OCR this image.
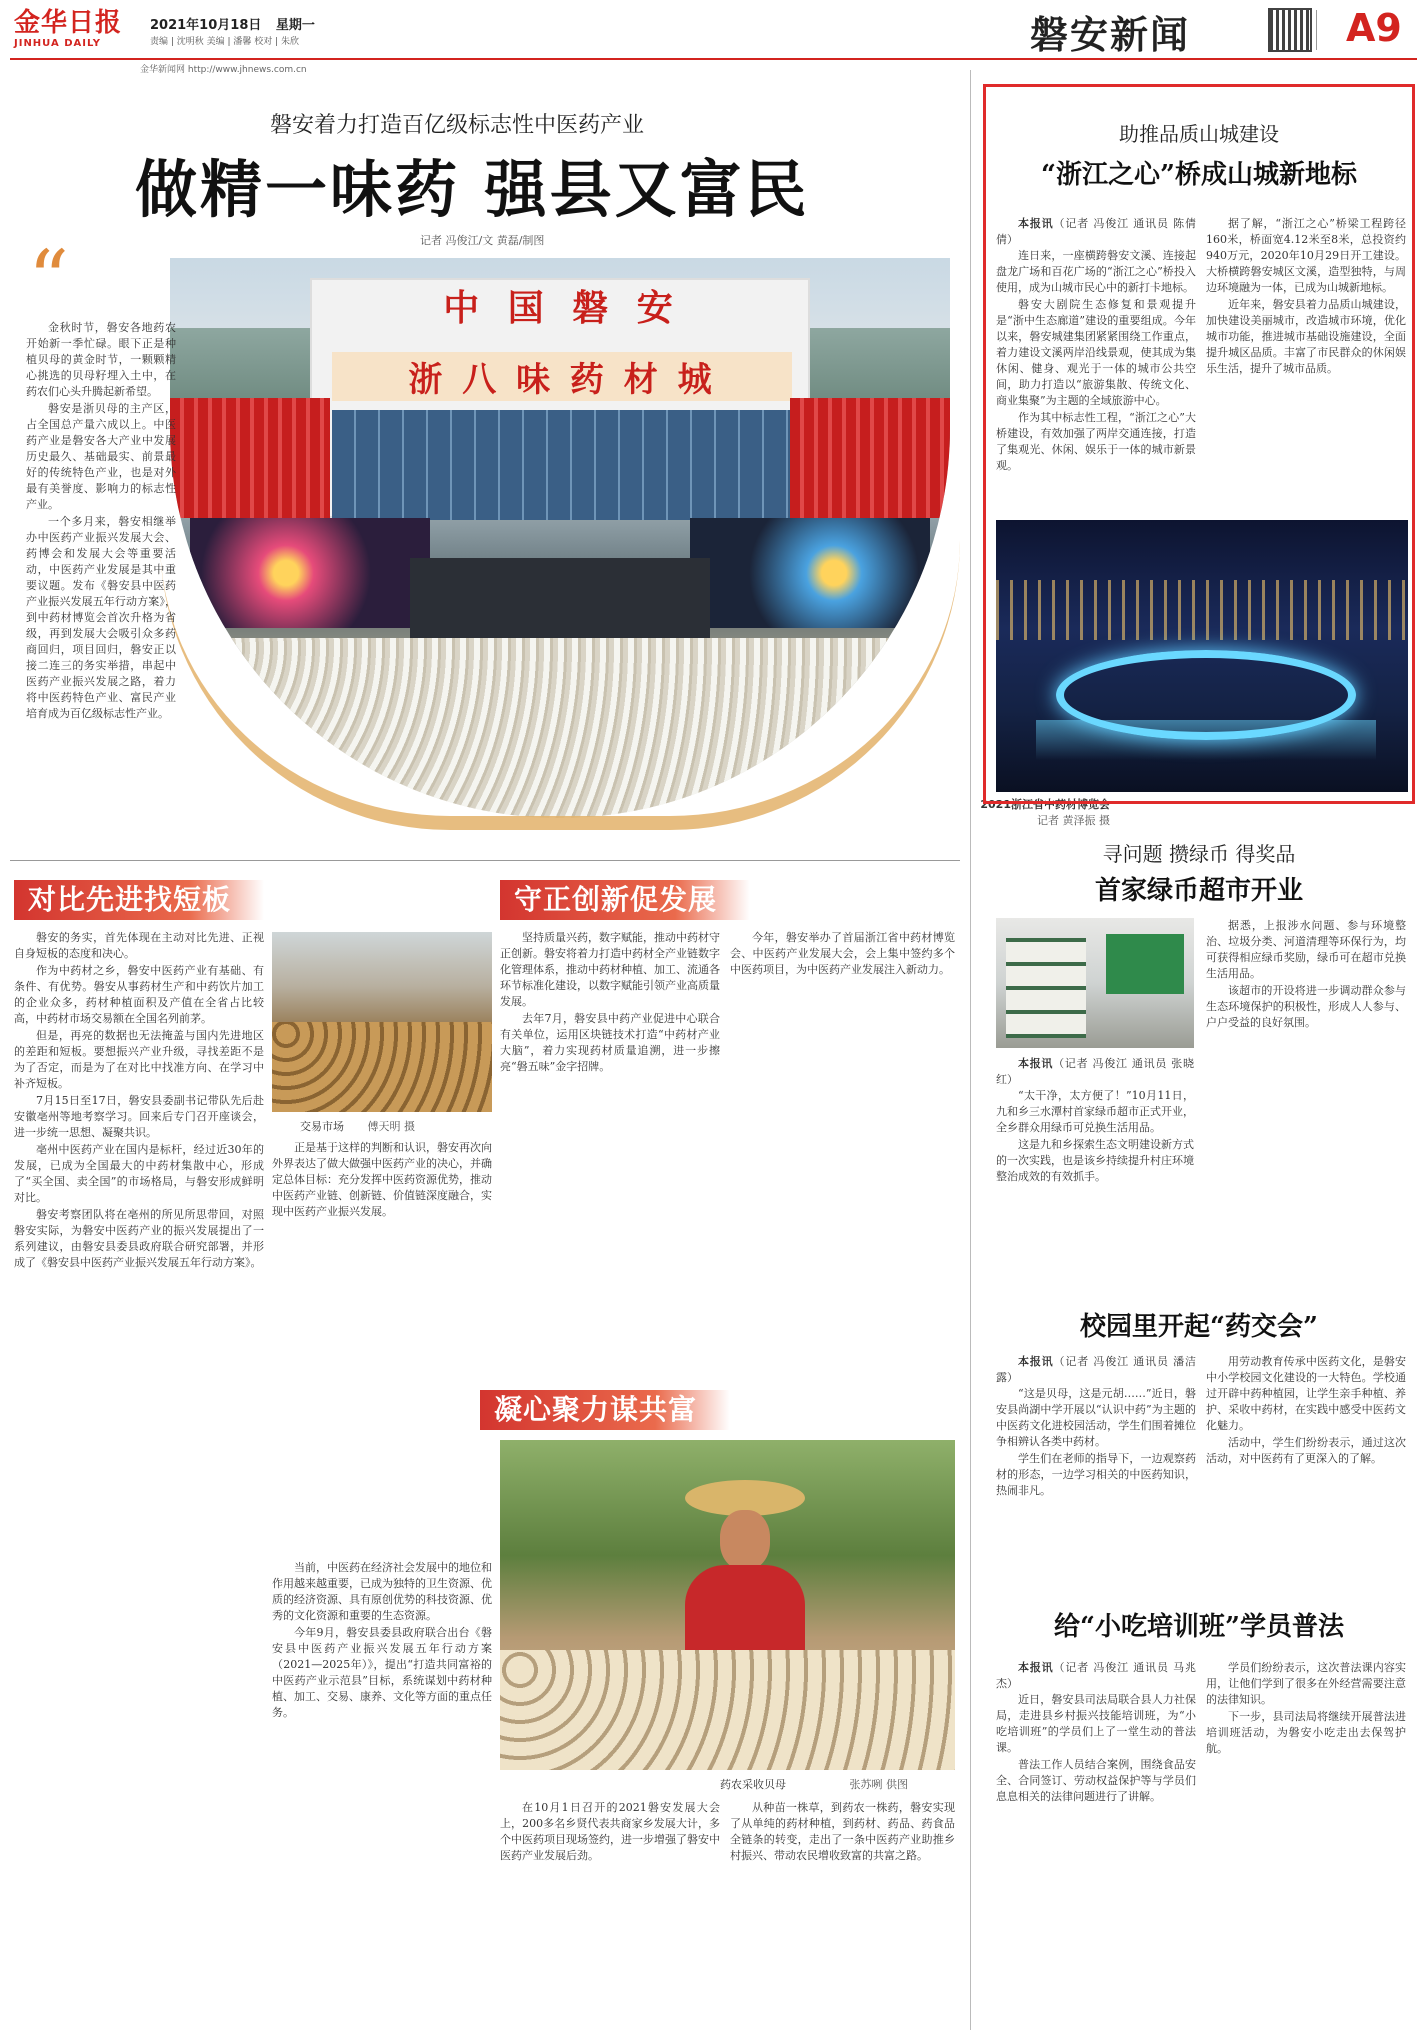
金华日报
JINHUA DAILY
2021年10月18日 星期一
责编 | 沈明秋 美编 | 潘馨 校对 | 朱欣
金华新闻网 http://www.jhnews.com.cn
磐安新闻	A9
磐安着力打造百亿级标志性中医药产业
做精一味药 强县又富民
记者 冯俊江/文 黄磊/制图
中 国 磐 安
浙 八 味 药 材 城
2021浙江省中药材博览会
记者 黄泽振 摄
“

金秋时节，磐安各地药农开始新一季忙碌。眼下正是种植贝母的黄金时节，一颗颗精心挑选的贝母籽埋入土中，在药农们心头升腾起新希望。

磐安是浙贝母的主产区，占全国总产量六成以上。中医药产业是磐安各大产业中发展历史最久、基础最实、前景最好的传统特色产业，也是对外最有美誉度、影响力的标志性产业。

一个多月来，磐安相继举办中医药产业振兴发展大会、药博会和发展大会等重要活动，中医药产业发展是其中重要议题。发布《磐安县中医药产业振兴发展五年行动方案》，到中药材博览会首次升格为省级，再到发展大会吸引众多药商回归，项目回归，磐安正以接二连三的务实举措，串起中医药产业振兴发展之路，着力将中医药特色产业、富民产业培育成为百亿级标志性产业。

对比先进找短板

磐安的务实，首先体现在主动对比先进、正视自身短板的态度和决心。

作为中药材之乡，磐安中医药产业有基础、有条件、有优势。磐安从事药材生产和中药饮片加工的企业众多，药材种植面积及产值在全省占比较高，中药材市场交易额在全国名列前茅。

但是，再亮的数据也无法掩盖与国内先进地区的差距和短板。要想振兴产业升级，寻找差距不是为了否定，而是为了在对比中找准方向、在学习中补齐短板。

7月15日至17日，磐安县委副书记带队先后赴安徽亳州等地考察学习。回来后专门召开座谈会，进一步统一思想、凝聚共识。

亳州中医药产业在国内是标杆，经过近30年的发展，已成为全国最大的中药材集散中心，形成了“买全国、卖全国”的市场格局，与磐安形成鲜明对比。

磐安考察团队将在亳州的所见所思带回，对照磐安实际，为磐安中医药产业的振兴发展提出了一系列建议，由磐安县委县政府联合研究部署，并形成了《磐安县中医药产业振兴发展五年行动方案》。

交易市场 傅天明 摄
守正创新促发展

正是基于这样的判断和认识，磐安再次向外界表达了做大做强中医药产业的决心，并确定总体目标：充分发挥中医药资源优势，推动中医药产业链、创新链、价值链深度融合，实现中医药产业振兴发展。

坚持质量兴药，数字赋能，推动中药材守正创新。磐安将着力打造中药材全产业链数字化管理体系，推动中药材种植、加工、流通各环节标准化建设，以数字赋能引领产业高质量发展。

去年7月，磐安县中药产业促进中心联合有关单位，运用区块链技术打造“中药材产业大脑”，着力实现药材质量追溯，进一步擦亮“磐五味”金字招牌。

今年，磐安举办了首届浙江省中药材博览会、中医药产业发展大会，会上集中签约多个中医药项目，为中医药产业发展注入新动力。

凝心聚力谋共富
药农采收贝母	张苏咧 供图

当前，中医药在经济社会发展中的地位和作用越来越重要，已成为独特的卫生资源、优质的经济资源、具有原创优势的科技资源、优秀的文化资源和重要的生态资源。

今年9月，磐安县委县政府联合出台《磐安县中医药产业振兴发展五年行动方案（2021—2025年）》，提出“打造共同富裕的中医药产业示范县”目标，系统谋划中药材种植、加工、交易、康养、文化等方面的重点任务。

在10月1日召开的2021磐安发展大会上，200多名乡贤代表共商家乡发展大计，多个中医药项目现场签约，进一步增强了磐安中医药产业发展后劲。

从种苗一株草，到药农一株药，磐安实现了从单纯的药材种植，到药材、药品、药食品全链条的转变，走出了一条中医药产业助推乡村振兴、带动农民增收致富的共富之路。

助推品质山城建设
“浙江之心”桥成山城新地标
本报讯（记者 冯俊江 通讯员 陈倩倩）

连日来，一座横跨磐安文溪、连接起盘龙广场和百花广场的“浙江之心”桥投入使用，成为山城市民心中的新打卡地标。

磐安大剧院生态修复和景观提升是“浙中生态廊道”建设的重要组成。今年以来，磐安城建集团紧紧围绕工作重点，着力建设文溪两岸沿线景观，使其成为集休闲、健身、观光于一体的城市公共空间，助力打造以“旅游集散、传统文化、商业集聚”为主题的全域旅游中心。

作为其中标志性工程，“浙江之心”大桥建设，有效加强了两岸交通连接，打造了集观光、休闲、娱乐于一体的城市新景观。

据了解，“浙江之心”桥梁工程跨径160米，桥面宽4.12米至8米，总投资约940万元，2020年10月29日开工建设。大桥横跨磐安城区文溪，造型独特，与周边环境融为一体，已成为山城新地标。

近年来，磐安县着力品质山城建设，加快建设美丽城市，改造城市环境，优化城市功能，推进城市基础设施建设，全面提升城区品质。丰富了市民群众的休闲娱乐生活，提升了城市品质。

寻问题 攒绿币 得奖品
首家绿币超市开业
本报讯（记者 冯俊江 通讯员 张晓红）

“太干净，太方便了！”10月11日，九和乡三水潭村首家绿币超市正式开业，全乡群众用绿币可兑换生活用品。

这是九和乡探索生态文明建设新方式的一次实践，也是该乡持续提升村庄环境整治成效的有效抓手。

据悉，上报涉水问题、参与环境整治、垃圾分类、河道清理等环保行为，均可获得相应绿币奖励，绿币可在超市兑换生活用品。

该超市的开设将进一步调动群众参与生态环境保护的积极性，形成人人参与、户户受益的良好氛围。

校园里开起“药交会”
本报讯（记者 冯俊江 通讯员 潘洁露）

“这是贝母，这是元胡……”近日，磐安县尚湖中学开展以“认识中药”为主题的中医药文化进校园活动，学生们围着摊位争相辨认各类中药材。

学生们在老师的指导下，一边观察药材的形态，一边学习相关的中医药知识，热闹非凡。

用劳动教育传承中医药文化，是磐安中小学校园文化建设的一大特色。学校通过开辟中药种植园，让学生亲手种植、养护、采收中药材，在实践中感受中医药文化魅力。

活动中，学生们纷纷表示，通过这次活动，对中医药有了更深入的了解。

给“小吃培训班”学员普法
本报讯（记者 冯俊江 通讯员 马兆杰）

近日，磐安县司法局联合县人力社保局，走进县乡村振兴技能培训班，为“小吃培训班”的学员们上了一堂生动的普法课。

普法工作人员结合案例，围绕食品安全、合同签订、劳动权益保护等与学员们息息相关的法律问题进行了讲解。

学员们纷纷表示，这次普法课内容实用，让他们学到了很多在外经营需要注意的法律知识。

下一步，县司法局将继续开展普法进培训班活动，为磐安小吃走出去保驾护航。
